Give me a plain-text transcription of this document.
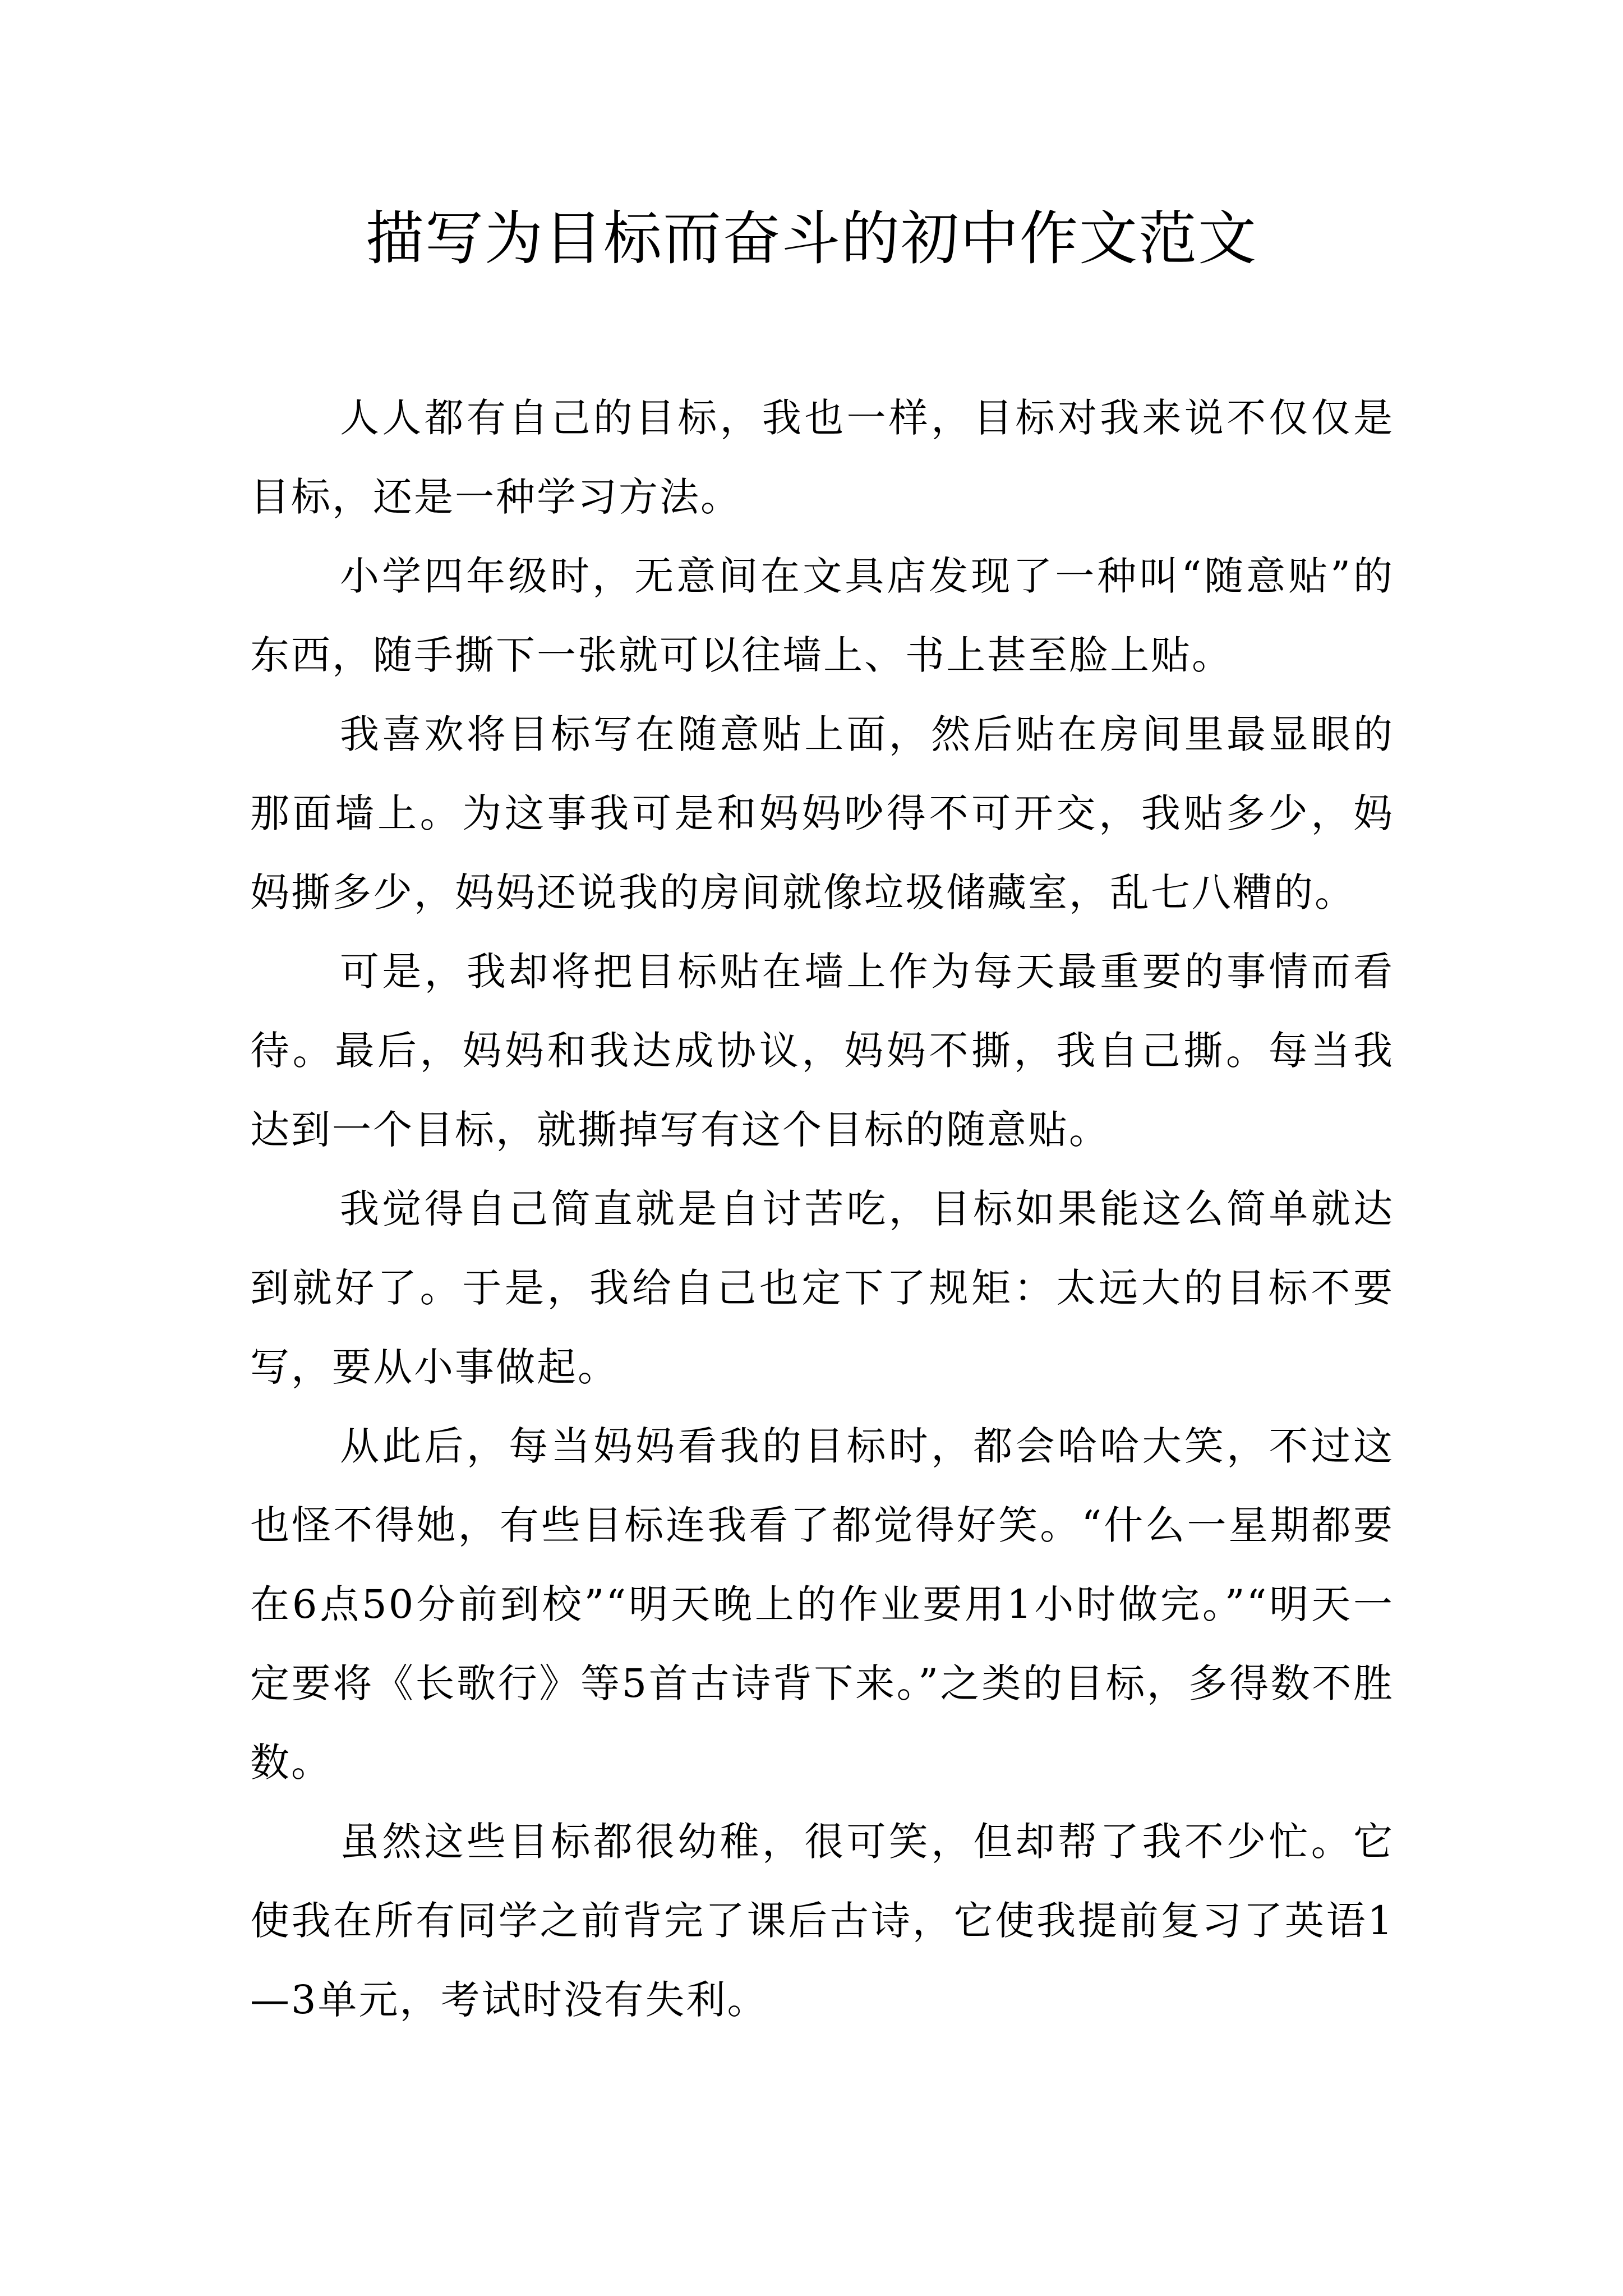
描写为目标而奋斗的初中作文范文

人人都有自己的目标，我也一样，目标对我来说不仅仅是目标，还是一种学习方法。

小学四年级时，无意间在文具店发现了一种叫“随意贴”的东西，随手撕下一张就可以往墙上、书上甚至脸上贴。

我喜欢将目标写在随意贴上面，然后贴在房间里最显眼的那面墙上。为这事我可是和妈妈吵得不可开交，我贴多少，妈妈撕多少，妈妈还说我的房间就像垃圾储藏室，乱七八糟的。

可是，我却将把目标贴在墙上作为每天最重要的事情而看待。最后，妈妈和我达成协议，妈妈不撕，我自己撕。每当我达到一个目标，就撕掉写有这个目标的随意贴。

我觉得自己简直就是自讨苦吃，目标如果能这么简单就达到就好了。于是，我给自己也定下了规矩：太远大的目标不要写，要从小事做起。

从此后，每当妈妈看我的目标时，都会哈哈大笑，不过这也怪不得她，有些目标连我看了都觉得好笑。“什么一星期都要在6点50分前到校”“明天晚上的作业要用1小时做完。”“明天一定要将《长歌行》等5首古诗背下来。”之类的目标，多得数不胜数。

虽然这些目标都很幼稚，很可笑，但却帮了我不少忙。它使我在所有同学之前背完了课后古诗，它使我提前复习了英语1—3单元，考试时没有失利。
